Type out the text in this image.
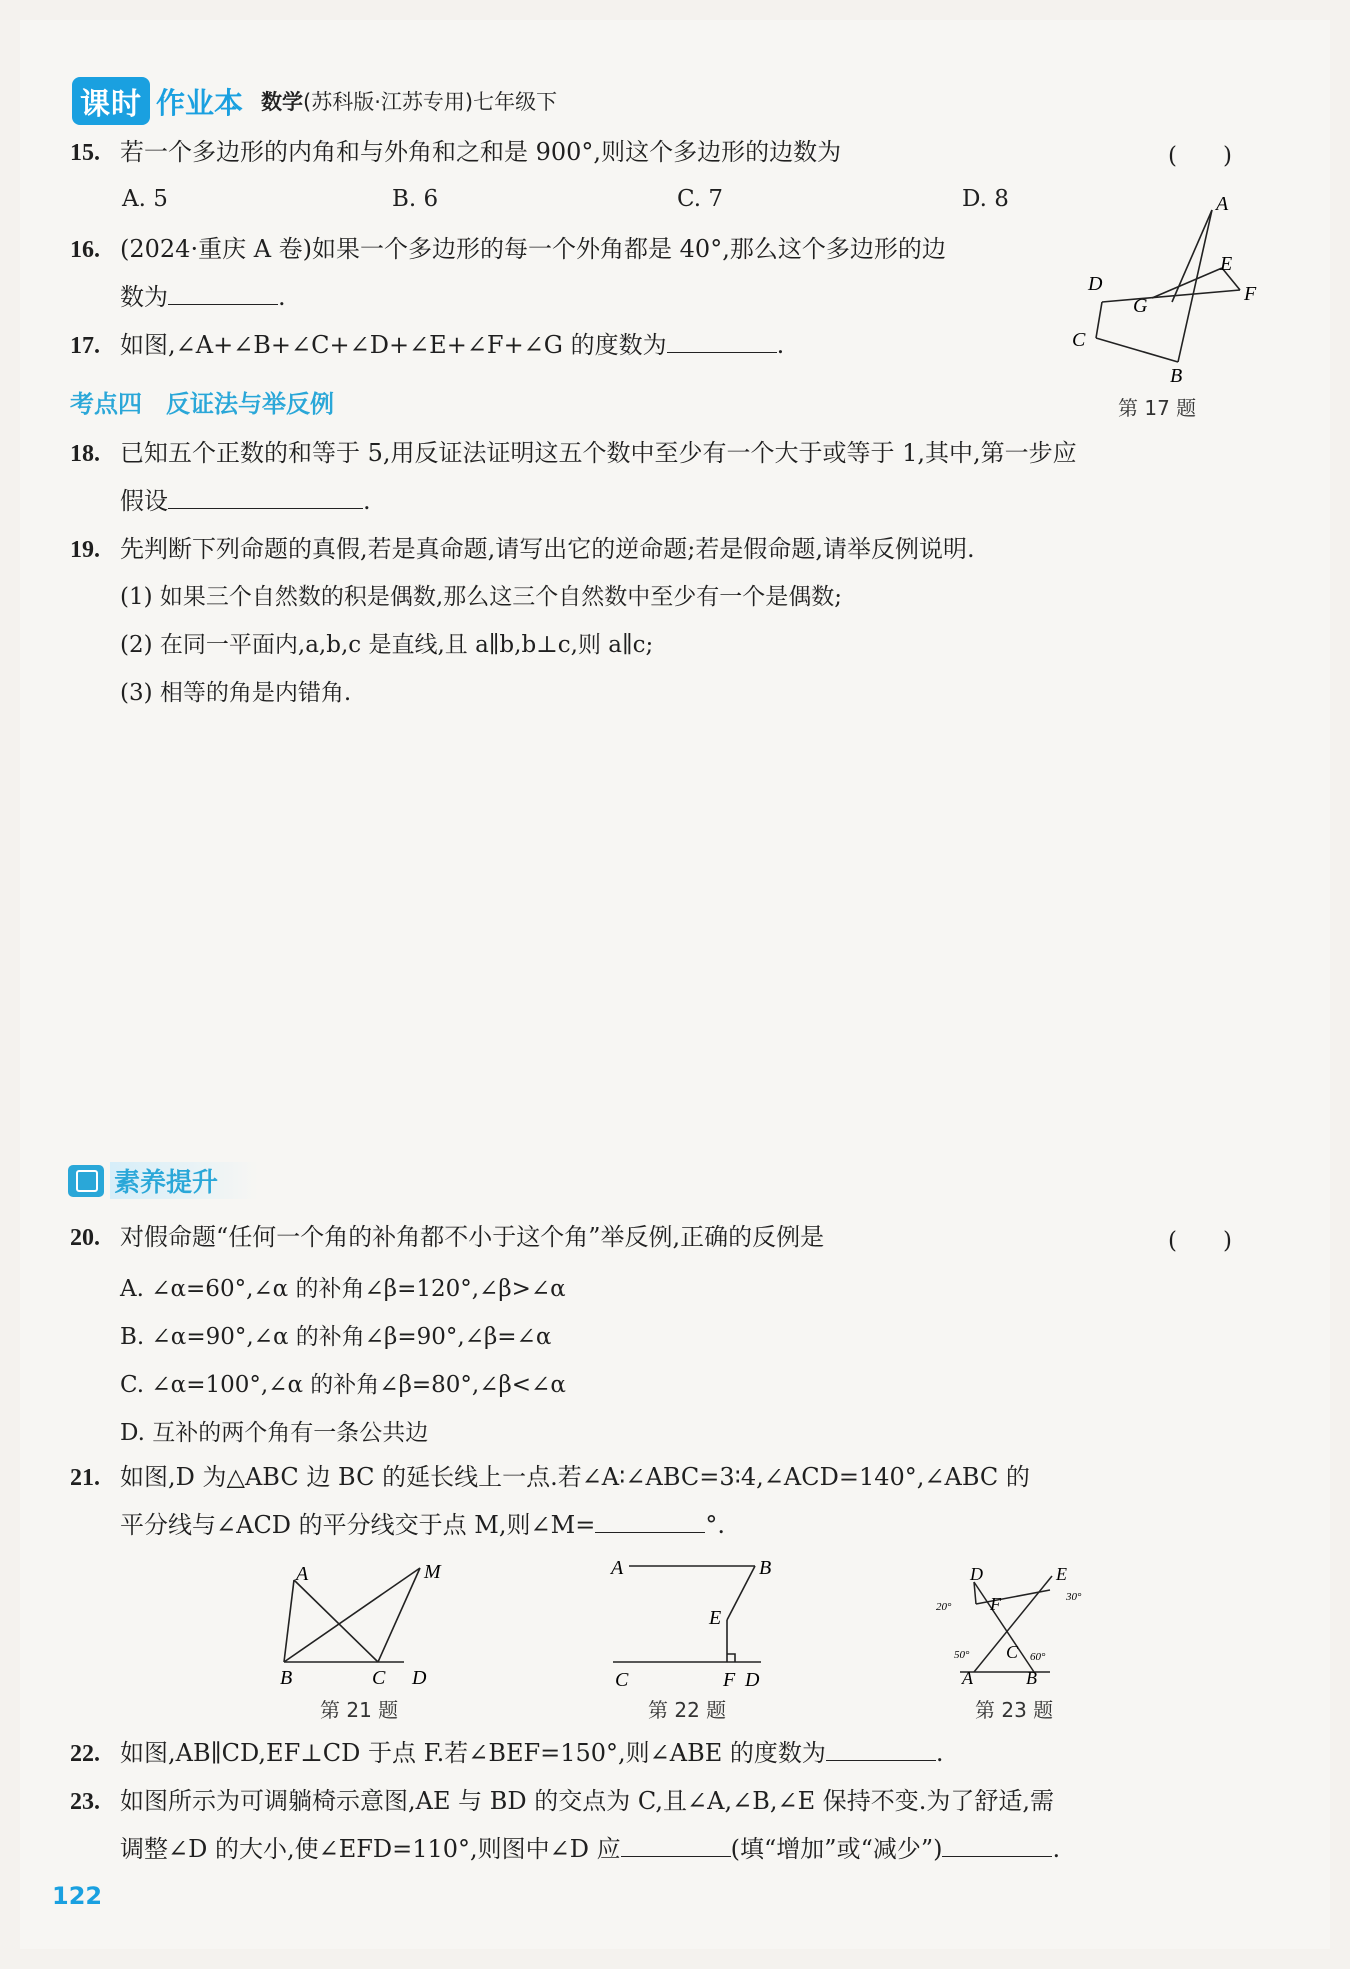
课时 作业本 数学(苏科版·江苏专用)七年级下
15. 若一个多边形的内角和与外角和之和是 900°,则这个多边形的边数为	(　　)
A. 5	B. 6	C. 7	D. 8
16. (2024·重庆 A 卷)如果一个多边形的每一个外角都是 40°,那么这个多边形的边
数为	.
17. 如图,∠A+∠B+∠C+∠D+∠E+∠F+∠G 的度数为	.
A
E
F
D
G
C
B
第 17 题
考点四　反证法与举反例
18. 已知五个正数的和等于 5,用反证法证明这五个数中至少有一个大于或等于 1,其中,第一步应
假设	.
19. 先判断下列命题的真假,若是真命题,请写出它的逆命题;若是假命题,请举反例说明.
(1) 如果三个自然数的积是偶数,那么这三个自然数中至少有一个是偶数;
(2) 在同一平面内,a,b,c 是直线,且 a∥b,b⊥c,则 a∥c;
(3) 相等的角是内错角.
素养提升
20. 对假命题“任何一个角的补角都不小于这个角”举反例,正确的反例是	(　　)
A. ∠α=60°,∠α 的补角∠β=120°,∠β>∠α
B. ∠α=90°,∠α 的补角∠β=90°,∠β=∠α
C. ∠α=100°,∠α 的补角∠β=80°,∠β<∠α
D. 互补的两个角有一条公共边
21. 如图,D 为△ABC 边 BC 的延长线上一点.若∠A∶∠ABC=3∶4,∠ACD=140°,∠ABC 的
平分线与∠ACD 的平分线交于点 M,则∠M=	°.
A	M
B	C D
第 21 题
A	B
E
C	F D
第 22 题
D	E
F
C
A	B
20°
30°
50°	60°
第 23 题
22. 如图,AB∥CD,EF⊥CD 于点 F.若∠BEF=150°,则∠ABE 的度数为	.
23. 如图所示为可调躺椅示意图,AE 与 BD 的交点为 C,且∠A,∠B,∠E 保持不变.为了舒适,需
调整∠D 的大小,使∠EFD=110°,则图中∠D 应	(填“增加”或“减少”)	.
122
